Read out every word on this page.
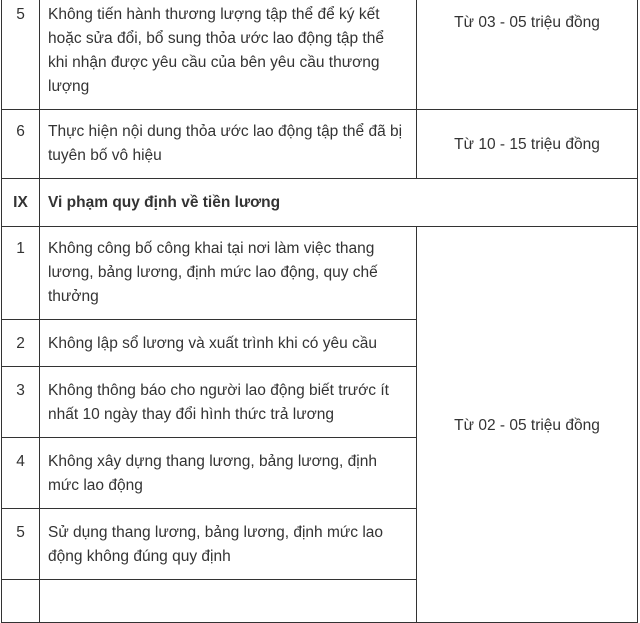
5	Không tiến hành thương lượng tập thể để ký kết hoặc sửa đổi, bổ sung thỏa ước lao động tập thể khi nhận được yêu cầu của bên yêu cầu thương lượng	Từ 03 - 05 triệu đồng
6	Thực hiện nội dung thỏa ước lao động tập thể đã bị tuyên bố vô hiệu	Từ 10 - 15 triệu đồng
IX	Vi phạm quy định về tiền lương	
1	Không công bố công khai tại nơi làm việc thang lương, bảng lương, định mức lao động, quy chế thưởng	Từ 02 - 05 triệu đồng
2	Không lập sổ lương và xuất trình khi có yêu cầu	
3	Không thông báo cho người lao động biết trước ít nhất 10 ngày thay đổi hình thức trả lương	
4	Không xây dựng thang lương, bảng lương, định mức lao động	
5	Sử dụng thang lương, bảng lương, định mức lao động không đúng quy định	
